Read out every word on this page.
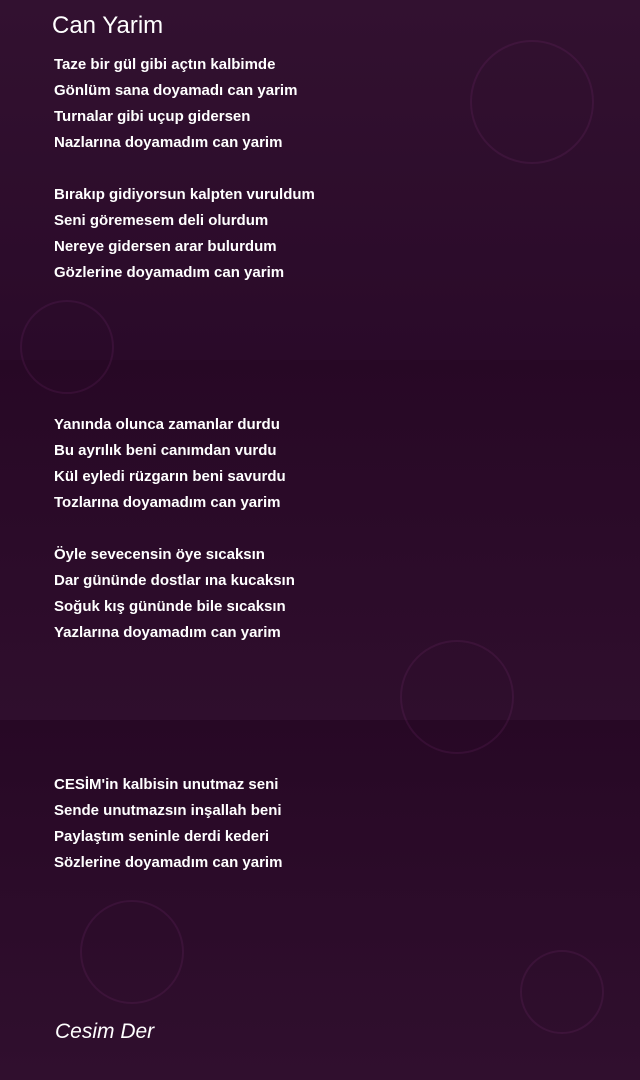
Can Yarim
Taze bir gül gibi açtın kalbimde
Gönlüm sana doyamadı can yarim
Turnalar gibi uçup gidersen
Nazlarına doyamadım can yarim
Bırakıp gidiyorsun kalpten vuruldum
Seni göremesem deli olurdum
Nereye gidersen arar bulurdum
Gözlerine doyamadım can yarim
Yanında olunca zamanlar durdu
Bu ayrılık beni canımdan vurdu
Kül eyledi rüzgarın beni savurdu
Tozlarına doyamadım can yarim
Öyle sevecensin öye sıcaksın
Dar gününde dostlar ına kucaksın
Soğuk kış gününde bile sıcaksın
Yazlarına doyamadım can yarim
CESİM'in kalbisin unutmaz seni
Sende unutmazsın inşallah beni
Paylaştım seninle derdi kederi
Sözlerine doyamadım can yarim
Cesim Der
